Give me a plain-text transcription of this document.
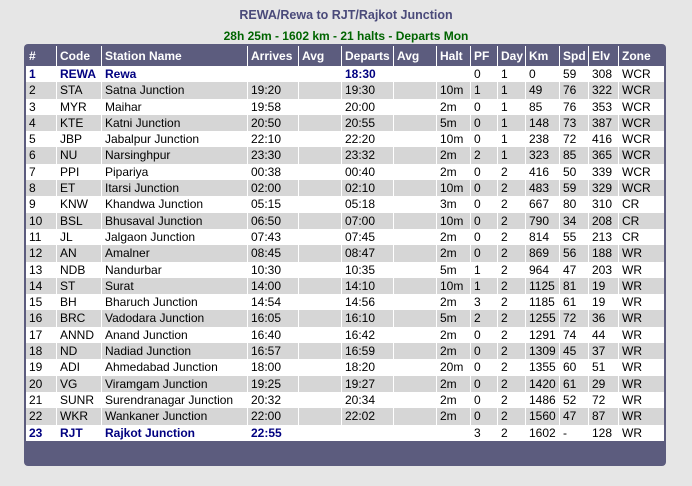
REWA/Rewa to RJT/Rajkot Junction
28h 25m - 1602 km - 21 halts - Departs Mon
#	Code	Station Name	Arrives	Avg	Departs	Avg	Halt	PF	Day	Km	Spd	Elv	Zone
1	REWA	Rewa			18:30			0	1	0	59	308	WCR
2	STA	Satna Junction	19:20		19:30		10m	1	1	49	76	322	WCR
3	MYR	Maihar	19:58		20:00		2m	0	1	85	76	353	WCR
4	KTE	Katni Junction	20:50		20:55		5m	0	1	148	73	387	WCR
5	JBP	Jabalpur Junction	22:10		22:20		10m	0	1	238	72	416	WCR
6	NU	Narsinghpur	23:30		23:32		2m	2	1	323	85	365	WCR
7	PPI	Pipariya	00:38		00:40		2m	0	2	416	50	339	WCR
8	ET	Itarsi Junction	02:00		02:10		10m	0	2	483	59	329	WCR
9	KNW	Khandwa Junction	05:15		05:18		3m	0	2	667	80	310	CR
10	BSL	Bhusaval Junction	06:50		07:00		10m	0	2	790	34	208	CR
11	JL	Jalgaon Junction	07:43		07:45		2m	0	2	814	55	213	CR
12	AN	Amalner	08:45		08:47		2m	0	2	869	56	188	WR
13	NDB	Nandurbar	10:30		10:35		5m	1	2	964	47	203	WR
14	ST	Surat	14:00		14:10		10m	1	2	1125	81	19	WR
15	BH	Bharuch Junction	14:54		14:56		2m	3	2	1185	61	19	WR
16	BRC	Vadodara Junction	16:05		16:10		5m	2	2	1255	72	36	WR
17	ANND	Anand Junction	16:40		16:42		2m	0	2	1291	74	44	WR
18	ND	Nadiad Junction	16:57		16:59		2m	0	2	1309	45	37	WR
19	ADI	Ahmedabad Junction	18:00		18:20		20m	0	2	1355	60	51	WR
20	VG	Viramgam Junction	19:25		19:27		2m	0	2	1420	61	29	WR
21	SUNR	Surendranagar Junction	20:32		20:34		2m	0	2	1486	52	72	WR
22	WKR	Wankaner Junction	22:00		22:02		2m	0	2	1560	47	87	WR
23	RJT	Rajkot Junction	22:55					3	2	1602	-	128	WR
